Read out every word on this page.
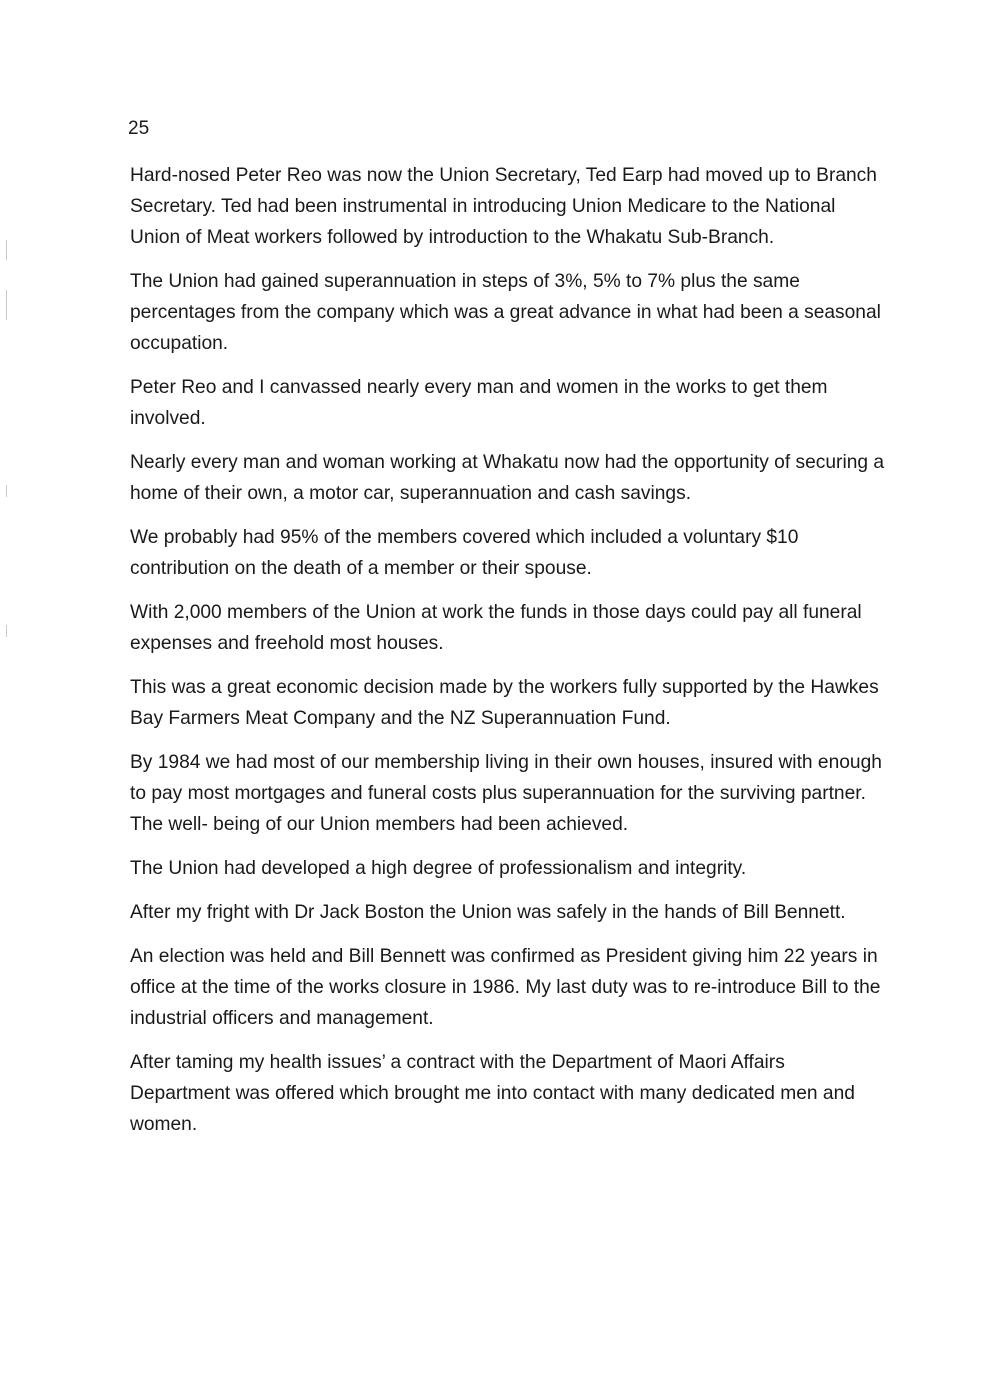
25

Hard-nosed Peter Reo was now the Union Secretary, Ted Earp had moved up to Branch Secretary. Ted had been instrumental in introducing Union Medicare to the National Union of Meat workers followed by introduction to the Whakatu Sub-Branch.

The Union had gained superannuation in steps of 3%, 5% to 7% plus the same percentages from the company which was a great advance in what had been a seasonal occupation.

Peter Reo and I canvassed nearly every man and women in the works to get them involved.

Nearly every man and woman working at Whakatu now had the opportunity of securing a home of their own, a motor car, superannuation and cash savings.

We probably had 95% of the members covered which included a voluntary $10 contribution on the death of a member or their spouse.

With 2,000 members of the Union at work the funds in those days could pay all funeral expenses and freehold most houses.

This was a great economic decision made by the workers fully supported by the Hawkes Bay Farmers Meat Company and the NZ Superannuation Fund.

By 1984 we had most of our membership living in their own houses, insured with enough to pay most mortgages and funeral costs plus superannuation for the surviving partner. The well- being of our Union members had been achieved.

The Union had developed a high degree of professionalism and integrity.

After my fright with Dr Jack Boston the Union was safely in the hands of Bill Bennett.

An election was held and Bill Bennett was confirmed as President giving him 22 years in office at the time of the works closure in 1986. My last duty was to re-introduce Bill to the industrial officers and management.

After taming my health issues’ a contract with the Department of Maori Affairs Department was offered which brought me into contact with many dedicated men and women.
